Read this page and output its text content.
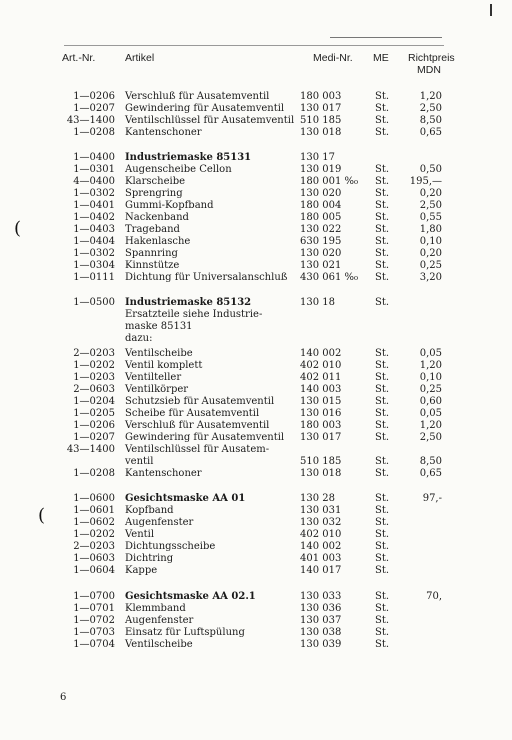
Art.-Nr.	Artikel	Medi-Nr. ME Richtpreis
MDN
1—0206 Verschluß für Ausatemventil	180 003	St.	1,20
1—0207 Gewindering für Ausatemventil 130 017	St.	2,50
43—1400 Ventilschlüssel für Ausatemventil 510 185	St.	8,50
1—0208 Kantenschoner	130 018	St.	0,65
1—0400 Industriemaske 85131	130 17
1—0301 Augenscheibe Cellon	130 019	St.	0,50
4—0400 Klarscheibe	180 001 %₀ St.	195,—
1—0302 Sprengring	130 020	St.	0,20
1—0401 Gummi-Kopfband	180 004	St.	2,50
1—0402 Nackenband	180 005	St.	0,55
1—0403 Trageband	130 022	St.	1,80
1—0404 Hakenlasche	630 195	St.	0,10
1—0302 Spannring	130 020	St.	0,20
1—0304 Kinnstütze	130 021	St.	0,25
1—0111 Dichtung für Universalanschluß 430 061 %₀ St.	3,20
1—0500 Industriemaske 85132	130 18	St.
Ersatzteile siehe Industrie-
maske 85131
dazu:
2—0203 Ventilscheibe	140 002	St.	0,05
1—0202 Ventil komplett	402 010	St.	1,20
1—0203 Ventilteller	402 011	St.	0,10
2—0603 Ventilkörper	140 003	St.	0,25
1—0204 Schutzsieb für Ausatemventil	130 015	St.	0,60
1—0205 Scheibe für Ausatemventil	130 016	St.	0,05
1—0206 Verschluß für Ausatemventil	180 003	St.	1,20
1—0207 Gewindering für Ausatemventil 130 017	St.	2,50
43—1400 Ventilschlüssel für Ausatem-
ventil	510 185	St.	8,50
1—0208 Kantenschoner	130 018	St.	0,65
1—0600 Gesichtsmaske AA 01	130 28	St.	97,-
1—0601 Kopfband	130 031	St.
1—0602 Augenfenster	130 032	St.
1—0202 Ventil	402 010	St.
2—0203 Dichtungsscheibe	140 002	St.
1—0603 Dichtring	401 003	St.
1—0604 Kappe	140 017	St.
1—0700 Gesichtsmaske AA 02.1	130 033	St.	70,
1—0701 Klemmband	130 036	St.
1—0702 Augenfenster	130 037	St.
1—0703 Einsatz für Luftspülung	130 038	St.
1—0704 Ventilscheibe	130 039	St.
(
(
6
